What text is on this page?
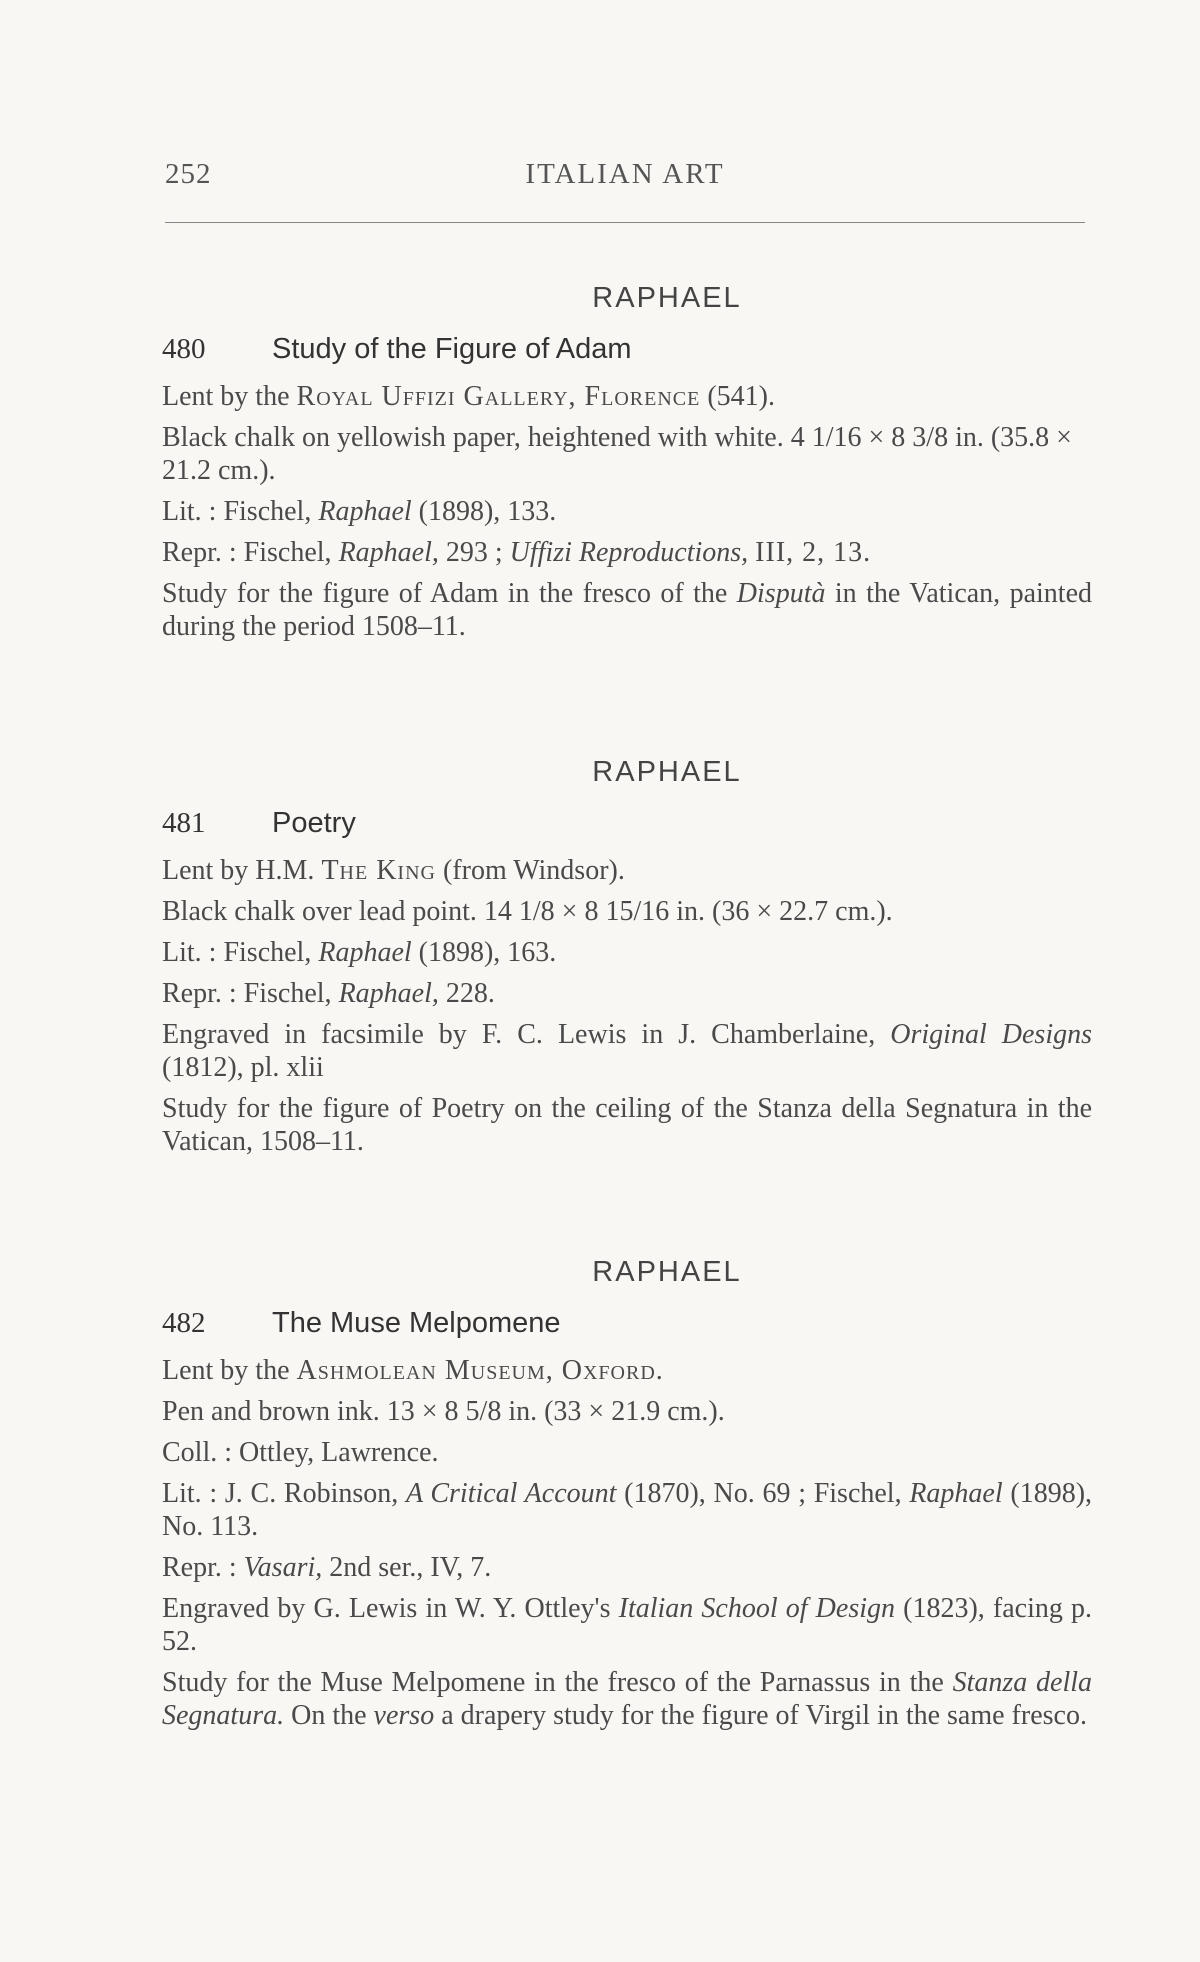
252	ITALIAN ART
RAPHAEL
480 Study of the Figure of Adam
Lent by the Royal Uffizi Gallery, Florence (541).
Black chalk on yellowish paper, heightened with white. 4 1/16 × 8 3/8 in. (35.8 × 21.2 cm.).
Lit. : Fischel, Raphael (1898), 133.
Repr. : Fischel, Raphael, 293 ; Uffizi Reproductions, III, 2, 13.
Study for the figure of Adam in the fresco of the Disputà in the Vatican, painted during the period 1508–11.
RAPHAEL
481 Poetry
Lent by H.M. The King (from Windsor).
Black chalk over lead point. 14 1/8 × 8 15/16 in. (36 × 22.7 cm.).
Lit. : Fischel, Raphael (1898), 163.
Repr. : Fischel, Raphael, 228.
Engraved in facsimile by F. C. Lewis in J. Chamberlaine, Original Designs (1812), pl. xlii
Study for the figure of Poetry on the ceiling of the Stanza della Segnatura in the Vatican, 1508–11.
RAPHAEL
482 The Muse Melpomene
Lent by the Ashmolean Museum, Oxford.
Pen and brown ink. 13 × 8 5/8 in. (33 × 21.9 cm.).
Coll. : Ottley, Lawrence.
Lit. : J. C. Robinson, A Critical Account (1870), No. 69 ; Fischel, Raphael (1898), No. 113.
Repr. : Vasari, 2nd ser., IV, 7.
Engraved by G. Lewis in W. Y. Ottley's Italian School of Design (1823), facing p. 52.
Study for the Muse Melpomene in the fresco of the Parnassus in the Stanza della Segnatura. On the verso a drapery study for the figure of Virgil in the same fresco.
